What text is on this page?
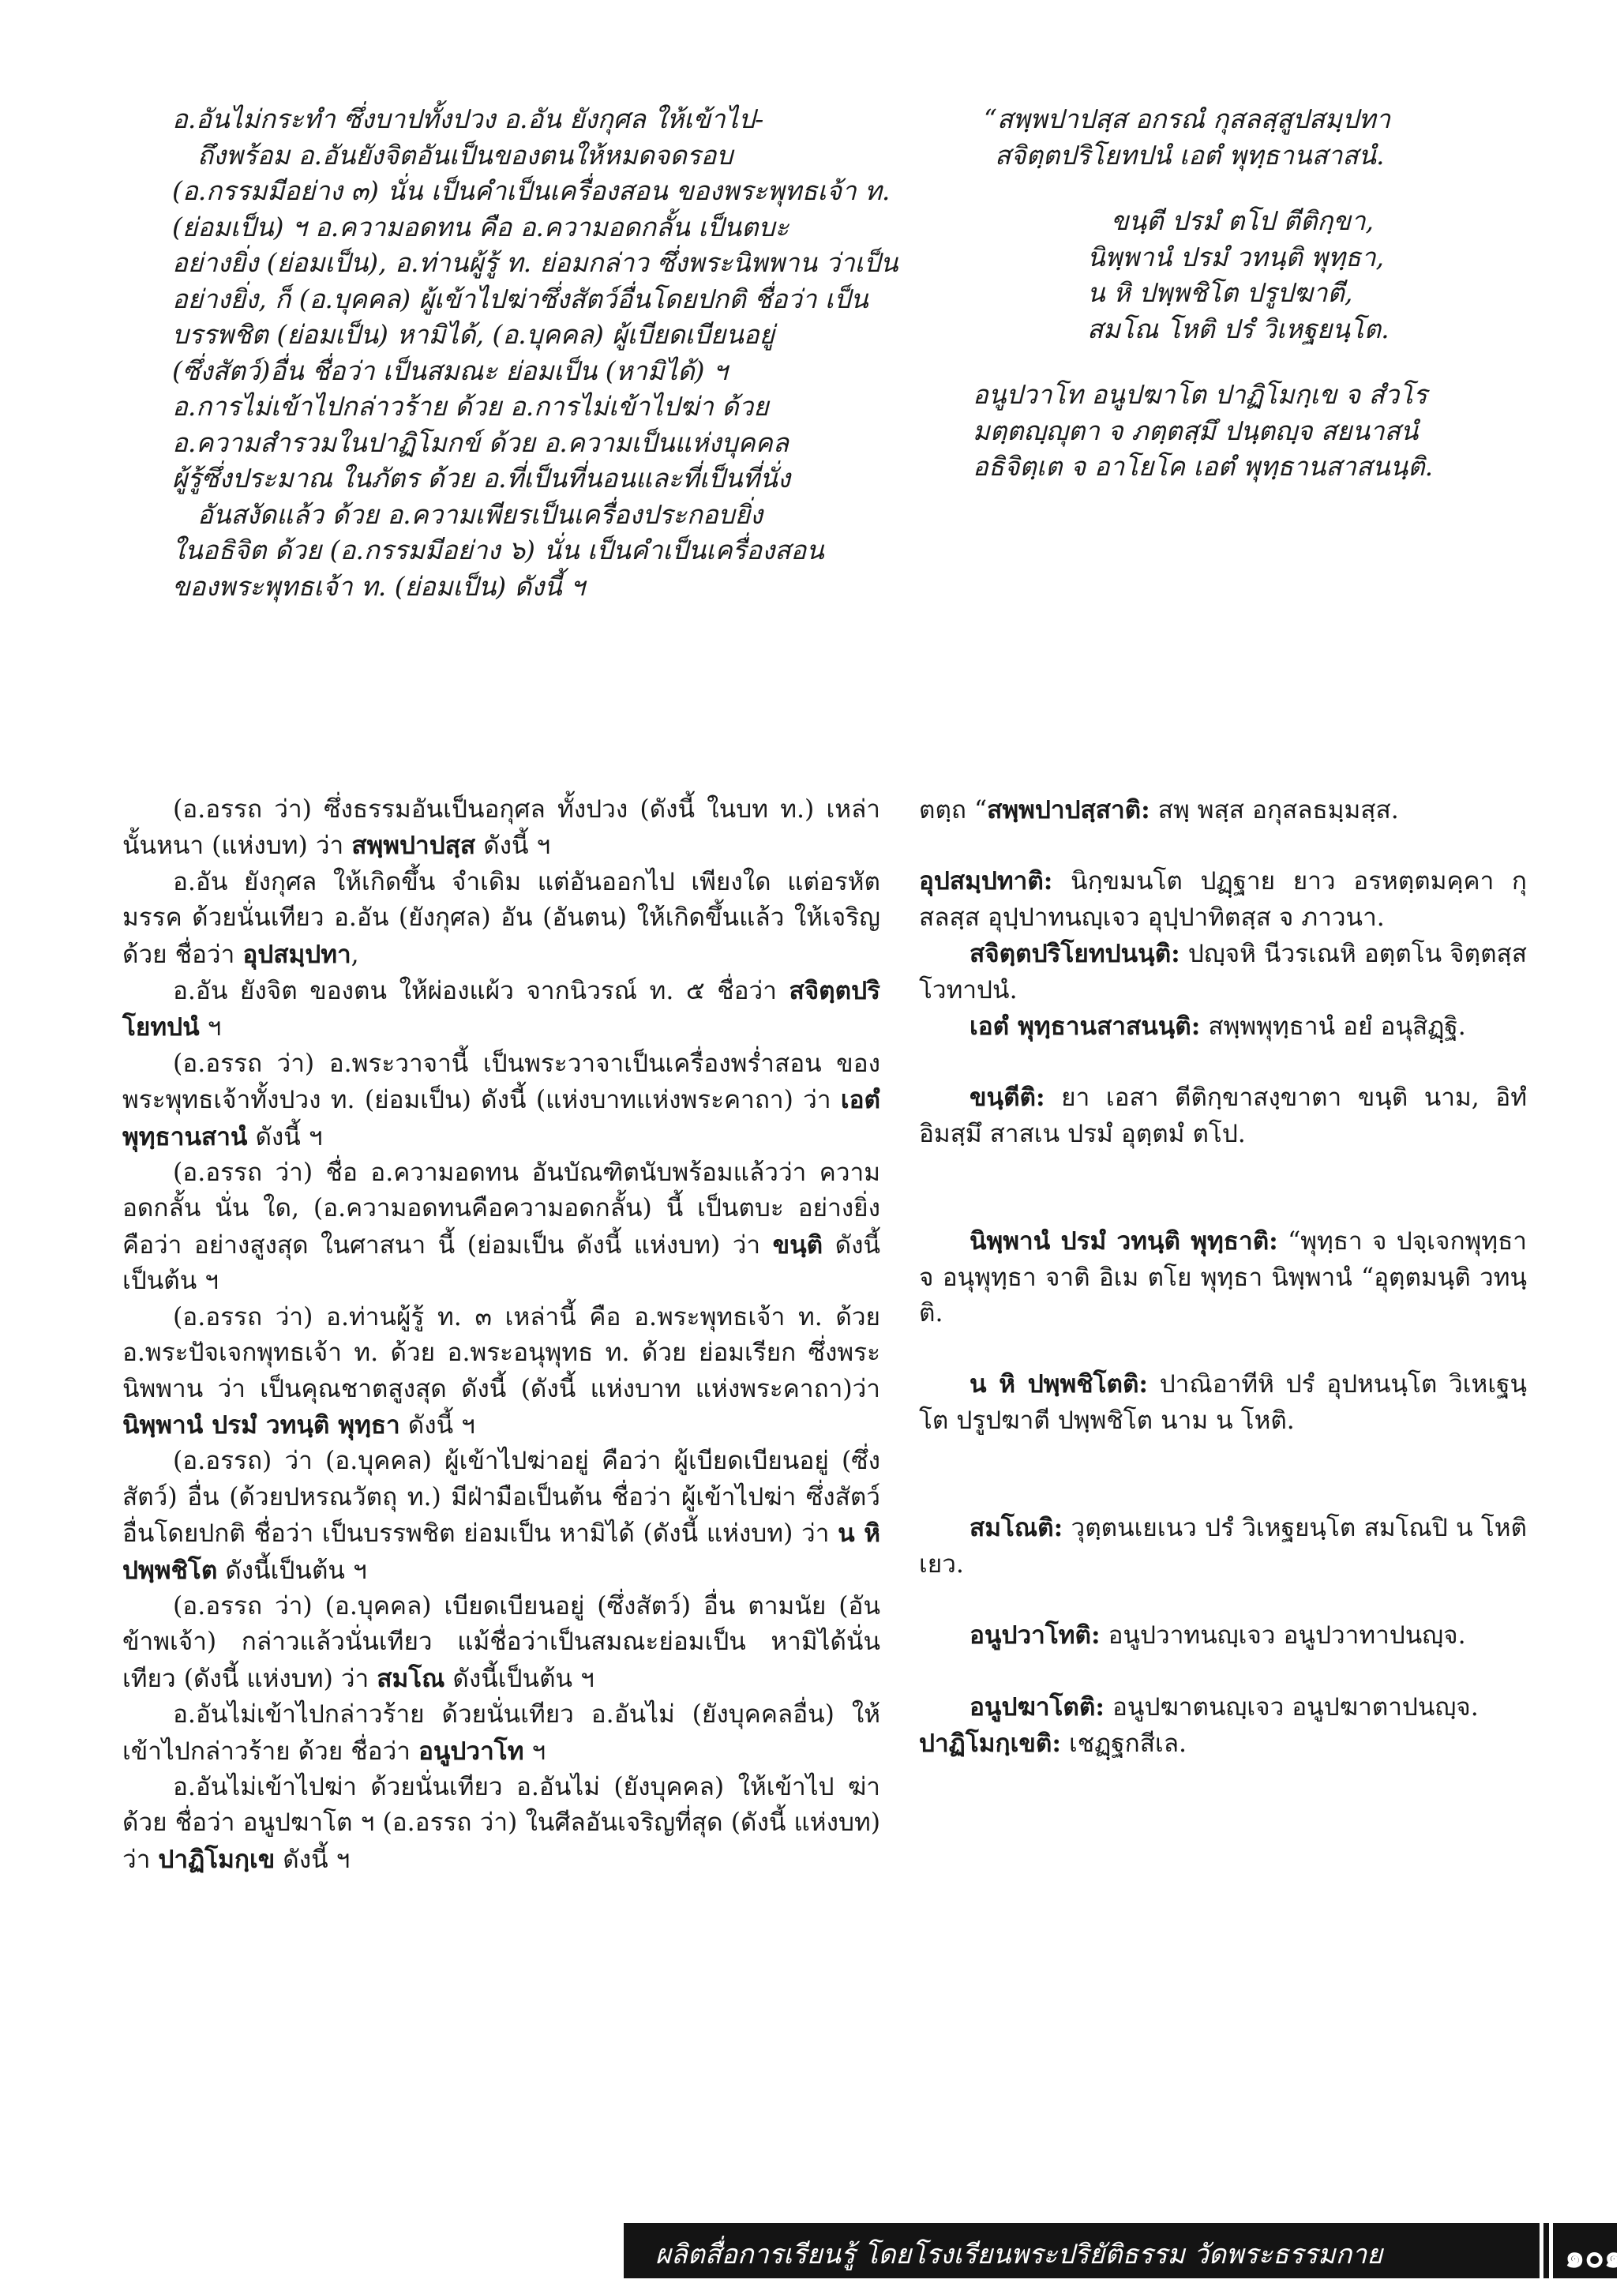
อ.อันไม่กระทำ ซึ่งบาปทั้งปวง อ.อัน ยังกุศล ให้เข้าไป-
ถึงพร้อม อ.อันยังจิตอันเป็นของตนให้หมดจดรอบ
(อ.กรรมมีอย่าง ๓) นั่น เป็นคำเป็นเครื่องสอน ของพระพุทธเจ้า ท.
(ย่อมเป็น) ฯ อ.ความอดทน คือ อ.ความอดกลั้น เป็นตบะ
อย่างยิ่ง (ย่อมเป็น), อ.ท่านผู้รู้ ท. ย่อมกล่าว ซึ่งพระนิพพาน ว่าเป็น
อย่างยิ่ง, ก็ (อ.บุคคล) ผู้เข้าไปฆ่าซึ่งสัตว์อื่นโดยปกติ ชื่อว่า เป็น
บรรพชิต (ย่อมเป็น) หามิได้, (อ.บุคคล) ผู้เบียดเบียนอยู่
(ซึ่งสัตว์)อื่น ชื่อว่า เป็นสมณะ ย่อมเป็น (หามิได้) ฯ
อ.การไม่เข้าไปกล่าวร้าย ด้วย อ.การไม่เข้าไปฆ่า ด้วย
อ.ความสำรวมในปาฏิโมกข์ ด้วย อ.ความเป็นแห่งบุคคล
ผู้รู้ซึ่งประมาณ ในภัตร ด้วย อ.ที่เป็นที่นอนและที่เป็นที่นั่ง
อันสงัดแล้ว ด้วย อ.ความเพียรเป็นเครื่องประกอบยิ่ง
ในอธิจิต ด้วย (อ.กรรมมีอย่าง ๖) นั่น เป็นคำเป็นเครื่องสอน
ของพระพุทธเจ้า ท. (ย่อมเป็น) ดังนี้ ฯ
“สพฺพปาปสฺส อกรณํ กุสลสฺสูปสมฺปทา
สจิตฺตปริโยทปนํ เอตํ พุทฺธานสาสนํ.
ขนฺตี ปรมํ ตโป ตีติกฺขา,
นิพฺพานํ ปรมํ วทนฺติ พุทฺธา,
น หิ ปพฺพชิโต ปรูปฆาตี,
สมโณ โหติ ปรํ วิเหฐยนฺโต.
อนูปวาโท อนูปฆาโต ปาฏิโมกฺเข จ สํวโร
มตฺตญฺญุตา จ ภตฺตสฺมึ ปนฺตญฺจ สยนาสนํ
อธิจิตฺเต จ อาโยโค เอตํ พุทฺธานสาสนนฺติ.

(อ.อรรถ ว่า) ซึ่งธรรมอันเป็นอกุศล ทั้งปวง (ดังนี้ ในบท ท.) เหล่านั้นหนา (แห่งบท) ว่า สพฺพปาปสฺส ดังนี้ ฯ

อ.อัน ยังกุศล ให้เกิดขึ้น จำเดิม แต่อันออกไป เพียงใด แต่อรหัตมรรค ด้วยนั่นเทียว อ.อัน (ยังกุศล) อัน (อันตน) ให้เกิดขึ้นแล้ว ให้เจริญ ด้วย ชื่อว่า อุปสมฺปทา,

อ.อัน ยังจิต ของตน ให้ผ่องแผ้ว จากนิวรณ์ ท. ๕ ชื่อว่า สจิตฺตปริโยทปนํ ฯ

(อ.อรรถ ว่า) อ.พระวาจานี้ เป็นพระวาจาเป็นเครื่องพร่ำสอน ของพระพุทธเจ้าทั้งปวง ท. (ย่อมเป็น) ดังนี้ (แห่งบาทแห่งพระคาถา) ว่า เอตํ พุทฺธานสานํ ดังนี้ ฯ

(อ.อรรถ ว่า) ชื่อ อ.ความอดทน อันบัณฑิตนับพร้อมแล้วว่า ความอดกลั้น นั่น ใด, (อ.ความอดทนคือความอดกลั้น) นี้ เป็นตบะ อย่างยิ่ง คือว่า อย่างสูงสุด ในศาสนา นี้ (ย่อมเป็น ดังนี้ แห่งบท) ว่า ขนฺติ ดังนี้เป็นต้น ฯ

(อ.อรรถ ว่า) อ.ท่านผู้รู้ ท. ๓ เหล่านี้ คือ อ.พระพุทธเจ้า ท. ด้วย อ.พระปัจเจกพุทธเจ้า ท. ด้วย อ.พระอนุพุทธ ท. ด้วย ย่อมเรียก ซึ่งพระนิพพาน ว่า เป็นคุณชาตสูงสุด ดังนี้ (ดังนี้ แห่งบาท แห่งพระคาถา)ว่า นิพฺพานํ ปรมํ วทนฺติ พุทฺธา ดังนี้ ฯ

(อ.อรรถ) ว่า (อ.บุคคล) ผู้เข้าไปฆ่าอยู่ คือว่า ผู้เบียดเบียนอยู่ (ซึ่งสัตว์) อื่น (ด้วยปหรณวัตถุ ท.) มีฝ่ามือเป็นต้น ชื่อว่า ผู้เข้าไปฆ่า ซึ่งสัตว์อื่นโดยปกติ ชื่อว่า เป็นบรรพชิต ย่อมเป็น หามิได้ (ดังนี้ แห่งบท) ว่า น หิ ปพฺพชิโต ดังนี้เป็นต้น ฯ

(อ.อรรถ ว่า) (อ.บุคคล) เบียดเบียนอยู่ (ซึ่งสัตว์) อื่น ตามนัย (อันข้าพเจ้า) กล่าวแล้วนั่นเทียว แม้ชื่อว่าเป็นสมณะย่อมเป็น หามิได้นั่นเทียว (ดังนี้ แห่งบท) ว่า สมโณ ดังนี้เป็นต้น ฯ

อ.อันไม่เข้าไปกล่าวร้าย ด้วยนั่นเทียว อ.อันไม่ (ยังบุคคลอื่น) ให้เข้าไปกล่าวร้าย ด้วย ชื่อว่า อนูปวาโท ฯ

อ.อันไม่เข้าไปฆ่า ด้วยนั่นเทียว อ.อันไม่ (ยังบุคคล) ให้เข้าไป ฆ่า ด้วย ชื่อว่า อนูปฆาโต ฯ (อ.อรรถ ว่า) ในศีลอันเจริญที่สุด (ดังนี้ แห่งบท) ว่า ปาฏิโมกฺเข ดังนี้ ฯ

ตตฺถ “สพฺพปาปสฺสาติ: สพฺ พสฺส อกุสลธมฺมสฺส.

อุปสมฺปทาติ: นิกฺขมนโต ปฏฺฐาย ยาว อรหตฺตมคฺคา กุสลสฺส อุปฺปาทนญฺเจว อุปฺปาทิตสฺส จ ภาวนา.

สจิตฺตปริโยทปนนฺติ: ปญฺจหิ นีวรเณหิ อตฺตโน จิตฺตสฺส โวทาปนํ.

เอตํ พุทฺธานสาสนนฺติ: สพฺพพุทฺธานํ อยํ อนุสิฏฺฐิ.

ขนฺตีติ: ยา เอสา ตีติกฺขาสงฺขาตา ขนฺติ นาม, อิทํ อิมสฺมึ สาสเน ปรมํ อุตฺตมํ ตโป.

นิพฺพานํ ปรมํ วทนฺติ พุทฺธาติ: “พุทฺธา จ ปจฺเจกพุทฺธา จ อนุพุทฺธา จาติ อิเม ตโย พุทฺธา นิพฺพานํ “อุตฺตมนฺติ วทนฺติ.

น หิ ปพฺพชิโตติ: ปาณิอาทีหิ ปรํ อุปหนนฺโต วิเหเฐนฺโต ปรูปฆาตี ปพฺพชิโต นาม น โหติ.

สมโณติ: วุตฺตนเยเนว ปรํ วิเหฐยนฺโต สมโณปิ น โหติเยว.

อนูปวาโทติ: อนูปวาทนญฺเจว อนูปวาทาปนญฺจ.

อนูปฆาโตติ: อนูปฆาตนญฺเจว อนูปฆาตาปนญฺจ.

ปาฏิโมกฺเขติ: เชฏฺฐกสีเล.

ผลิตสื่อการเรียนรู้ โดยโรงเรียนพระปริยัติธรรม วัดพระธรรมกาย	๑๐๑
